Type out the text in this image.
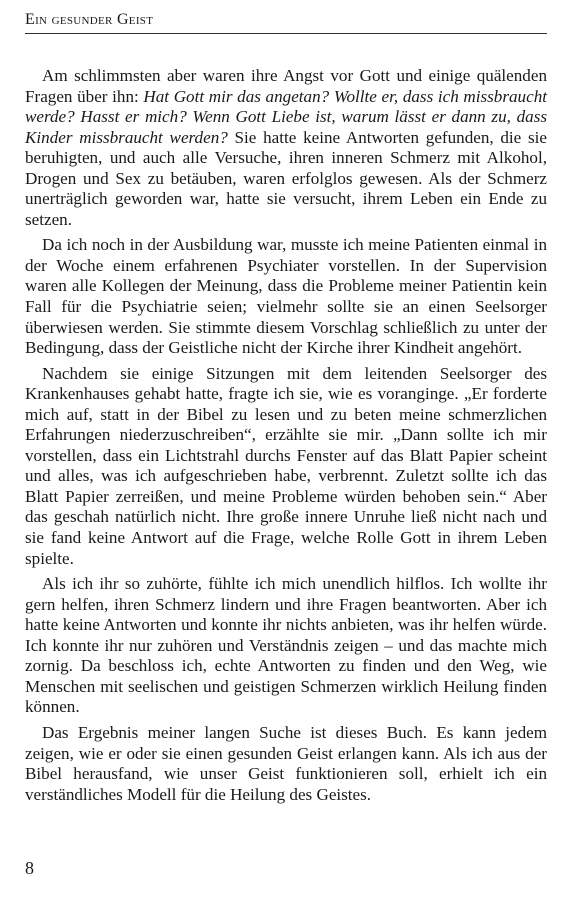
Ein gesunder Geist

Am schlimmsten aber waren ihre Angst vor Gott und einige quälenden Fragen über ihn: Hat Gott mir das angetan? Wollte er, dass ich missbraucht werde? Hasst er mich? Wenn Gott Liebe ist, warum lässt er dann zu, dass Kinder missbraucht werden? Sie hatte keine Antworten gefunden, die sie beruhigten, und auch alle Versuche, ihren inneren Schmerz mit Alkohol, Drogen und Sex zu betäuben, waren erfolglos gewesen. Als der Schmerz unerträglich geworden war, hatte sie versucht, ihrem Leben ein Ende zu setzen.

Da ich noch in der Ausbildung war, musste ich meine Patienten einmal in der Woche einem erfahrenen Psychiater vorstellen. In der Supervision waren alle Kollegen der Meinung, dass die Probleme meiner Patientin kein Fall für die Psychiatrie seien; vielmehr sollte sie an einen Seelsorger überwiesen werden. Sie stimmte diesem Vorschlag schließlich zu unter der Bedingung, dass der Geistliche nicht der Kirche ihrer Kindheit angehört.

Nachdem sie einige Sitzungen mit dem leitenden Seelsorger des Krankenhauses gehabt hatte, fragte ich sie, wie es voranginge. „Er forderte mich auf, statt in der Bibel zu lesen und zu beten meine schmerzlichen Erfahrungen niederzuschreiben“, erzählte sie mir. „Dann sollte ich mir vorstellen, dass ein Lichtstrahl durchs Fenster auf das Blatt Papier scheint und alles, was ich aufgeschrieben habe, verbrennt. Zuletzt sollte ich das Blatt Papier zerreißen, und meine Probleme würden behoben sein.“ Aber das geschah natürlich nicht. Ihre große innere Unruhe ließ nicht nach und sie fand keine Antwort auf die Frage, welche Rolle Gott in ihrem Leben spielte.

Als ich ihr so zuhörte, fühlte ich mich unendlich hilflos. Ich wollte ihr gern helfen, ihren Schmerz lindern und ihre Fragen beantworten. Aber ich hatte keine Antworten und konnte ihr nichts anbieten, was ihr helfen würde. Ich konnte ihr nur zuhören und Verständnis zeigen – und das machte mich zornig. Da beschloss ich, echte Antworten zu finden und den Weg, wie Menschen mit seelischen und geistigen Schmerzen wirklich Heilung finden können.

Das Ergebnis meiner langen Suche ist dieses Buch. Es kann jedem zeigen, wie er oder sie einen gesunden Geist erlangen kann. Als ich aus der Bibel herausfand, wie unser Geist funktionieren soll, erhielt ich ein verständliches Modell für die Heilung des Geistes.

8
